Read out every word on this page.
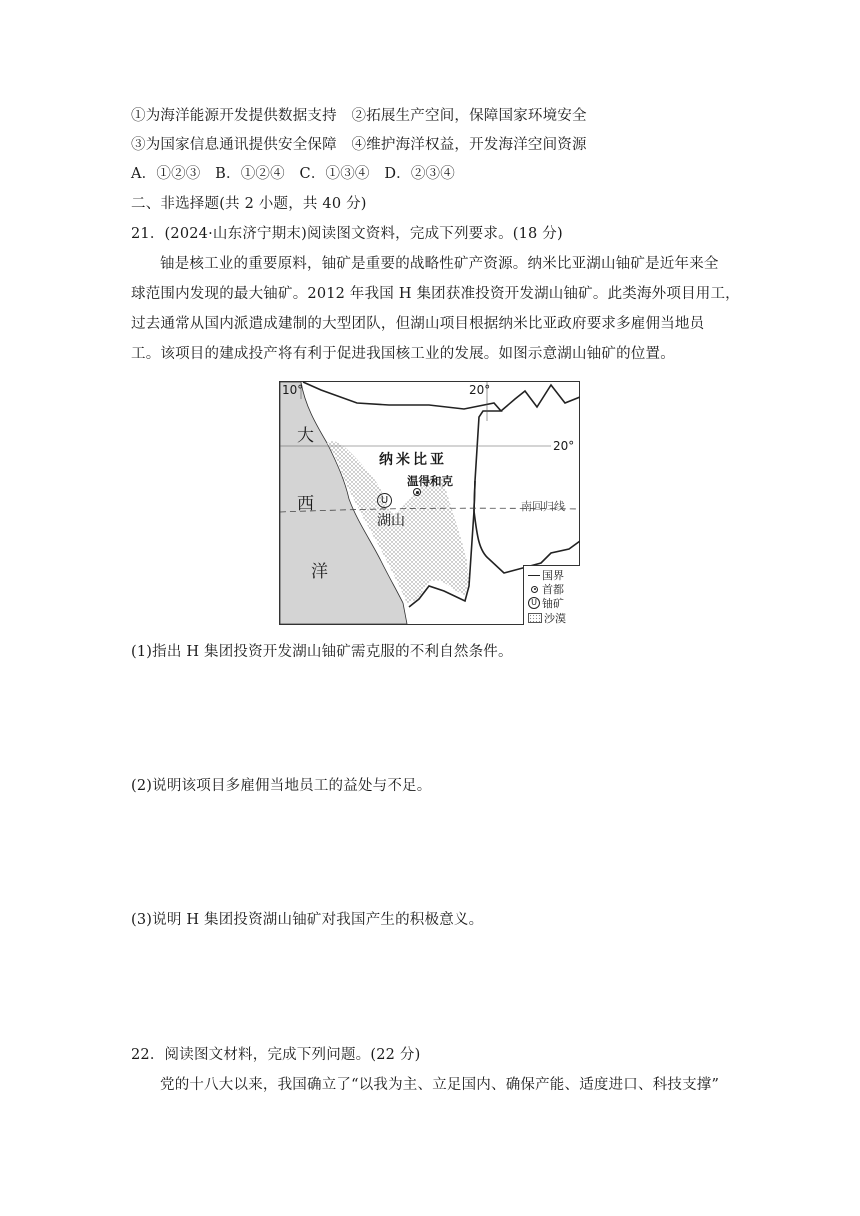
①为海洋能源开发提供数据支持　②拓展生产空间，保障国家环境安全
③为国家信息通讯提供安全保障　④维护海洋权益，开发海洋空间资源
A．①②③　B．①②④　C．①③④　D．②③④
二、非选择题(共 2 小题，共 40 分)
21．(2024·山东济宁期末)阅读图文资料，完成下列要求。(18 分)
铀是核工业的重要原料，铀矿是重要的战略性矿产资源。纳米比亚湖山铀矿是近年来全
球范围内发现的最大铀矿。2012 年我国 H 集团获准投资开发湖山铀矿。此类海外项目用工，
过去通常从国内派遣成建制的大型团队，但湖山项目根据纳米比亚政府要求多雇佣当地员
工。该项目的建成投产将有利于促进我国核工业的发展。如图示意湖山铀矿的位置。
10°	20°
20°
大
西
洋
纳米比亚
温得和克
U
湖山
南回归线
国界
首都
U 铀矿
沙漠
(1)指出 H 集团投资开发湖山铀矿需克服的不利自然条件。
(2)说明该项目多雇佣当地员工的益处与不足。
(3)说明 H 集团投资湖山铀矿对我国产生的积极意义。
22．阅读图文材料，完成下列问题。(22 分)
党的十八大以来，我国确立了“以我为主、立足国内、确保产能、适度进口、科技支撑”
